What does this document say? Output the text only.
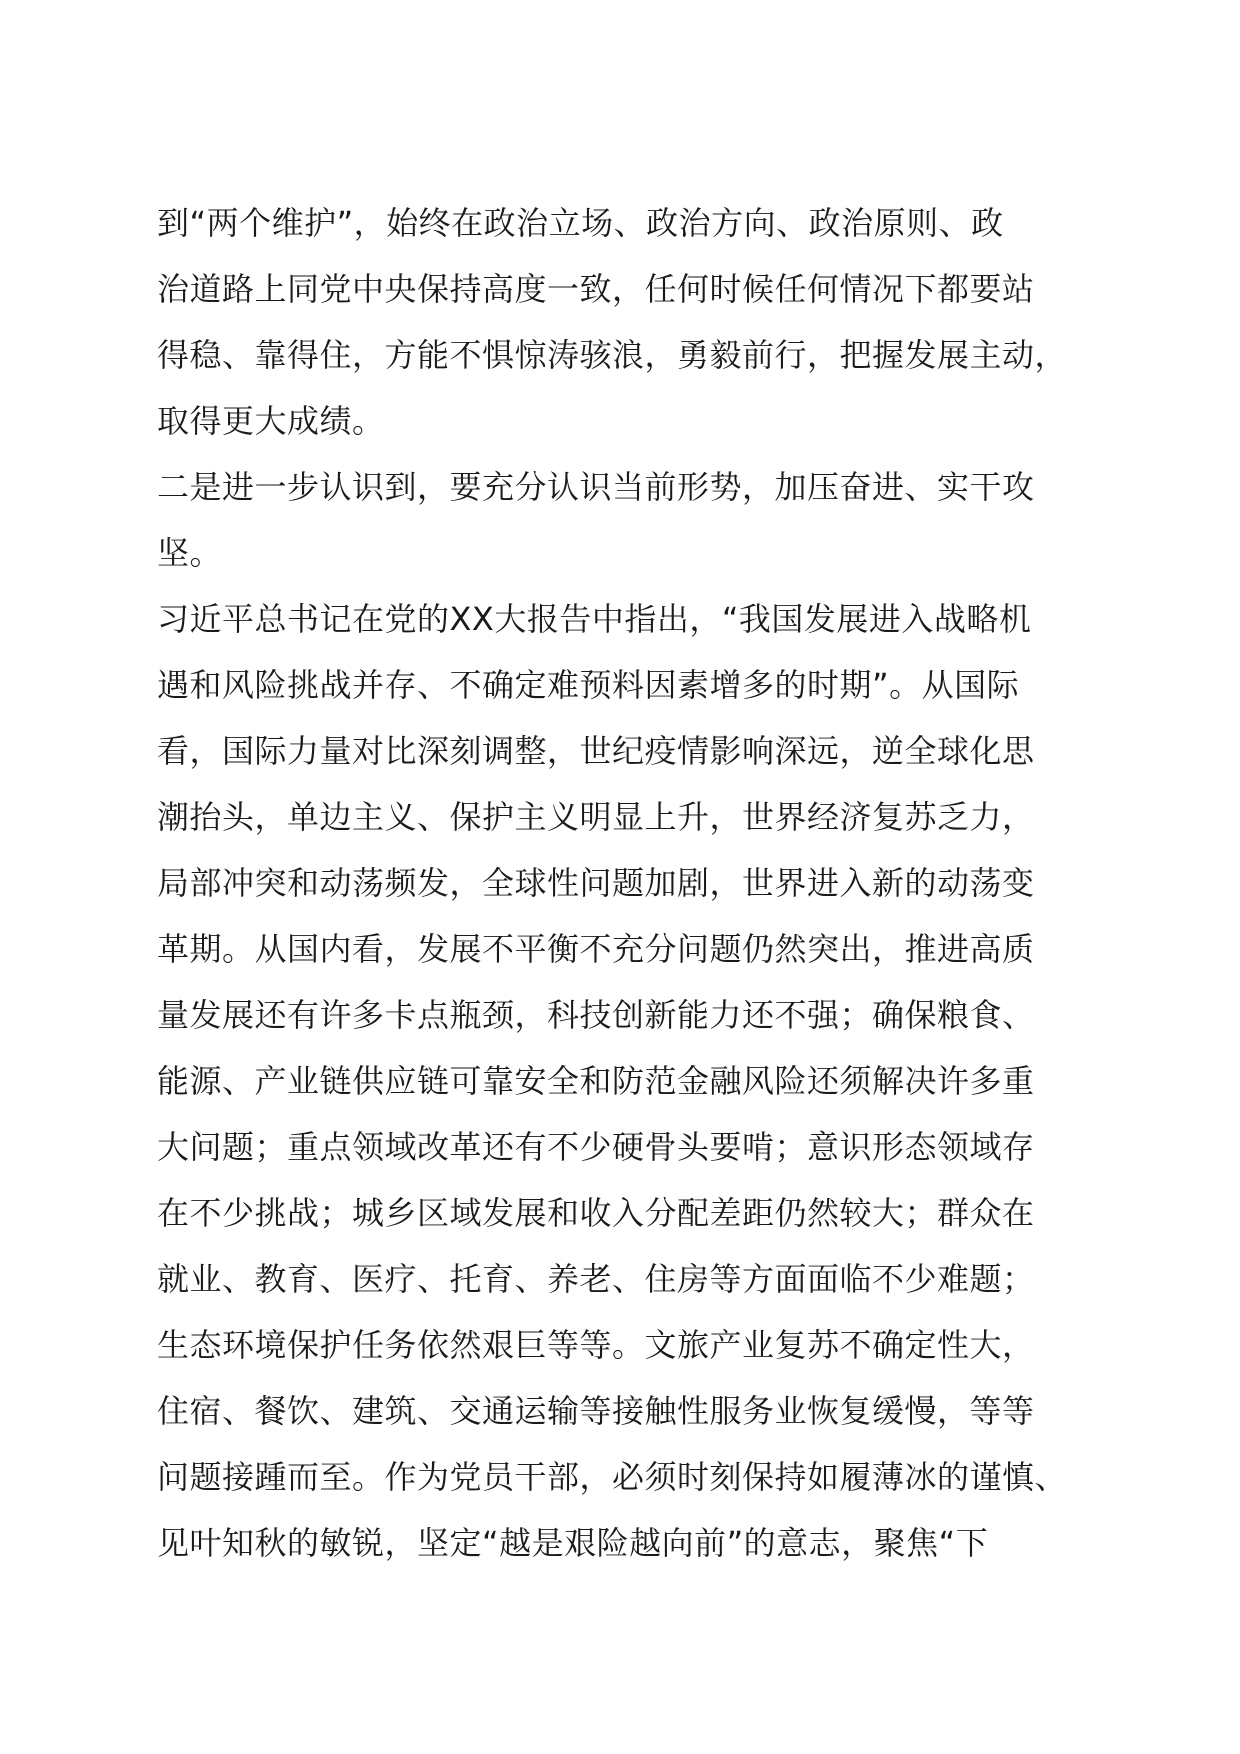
到“两个维护”，始终在政治立场、政治方向、政治原则、政
治道路上同党中央保持高度一致，任何时候任何情况下都要站
得稳、靠得住，方能不惧惊涛骇浪，勇毅前行，把握发展主动，
取得更大成绩。
二是进一步认识到，要充分认识当前形势，加压奋进、实干攻
坚。
习近平总书记在党的XX大报告中指出，“我国发展进入战略机
遇和风险挑战并存、不确定难预料因素增多的时期”。从国际
看，国际力量对比深刻调整，世纪疫情影响深远，逆全球化思
潮抬头，单边主义、保护主义明显上升，世界经济复苏乏力，
局部冲突和动荡频发，全球性问题加剧，世界进入新的动荡变
革期。从国内看，发展不平衡不充分问题仍然突出，推进高质
量发展还有许多卡点瓶颈，科技创新能力还不强；确保粮食、
能源、产业链供应链可靠安全和防范金融风险还须解决许多重
大问题；重点领域改革还有不少硬骨头要啃；意识形态领域存
在不少挑战；城乡区域发展和收入分配差距仍然较大；群众在
就业、教育、医疗、托育、养老、住房等方面面临不少难题；
生态环境保护任务依然艰巨等等。文旅产业复苏不确定性大，
住宿、餐饮、建筑、交通运输等接触性服务业恢复缓慢，等等
问题接踵而至。作为党员干部，必须时刻保持如履薄冰的谨慎、
见叶知秋的敏锐，坚定“越是艰险越向前”的意志，聚焦“下
